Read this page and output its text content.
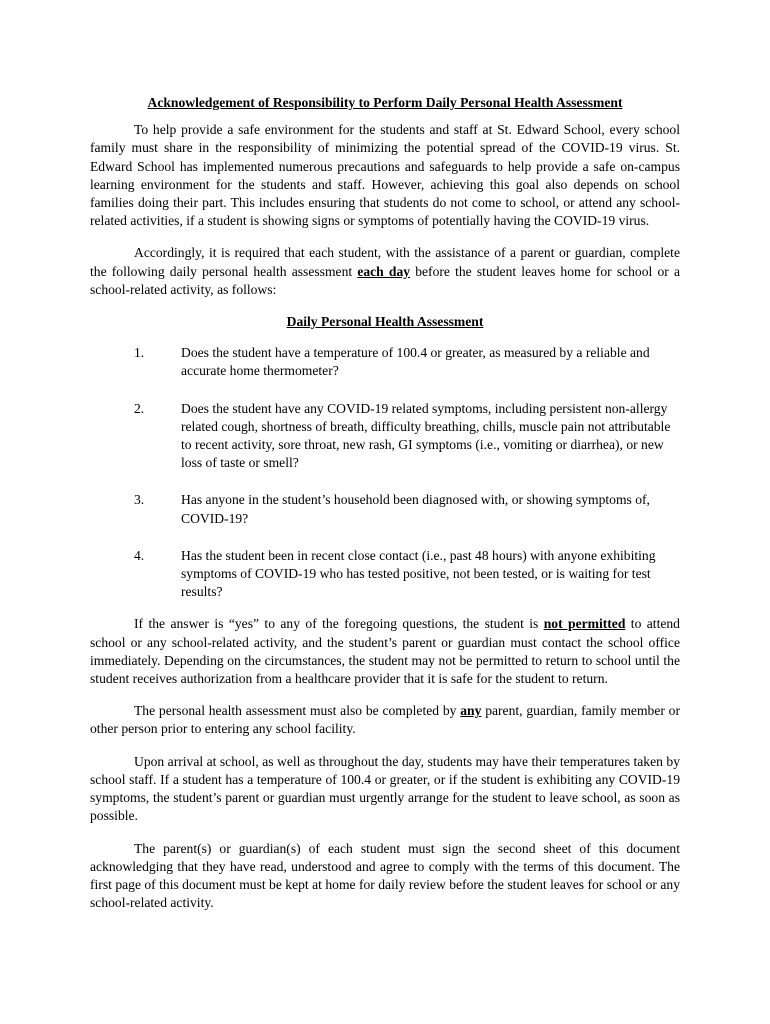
Acknowledgement of Responsibility to Perform Daily Personal Health Assessment

To help provide a safe environment for the students and staff at St. Edward School, every school family must share in the responsibility of minimizing the potential spread of the COVID-19 virus. St. Edward School has implemented numerous precautions and safeguards to help provide a safe on-campus learning environment for the students and staff. However, achieving this goal also depends on school families doing their part. This includes ensuring that students do not come to school, or attend any school-related activities, if a student is showing signs or symptoms of potentially having the COVID-19 virus.

Accordingly, it is required that each student, with the assistance of a parent or guardian, complete the following daily personal health assessment each day before the student leaves home for school or a school-related activity, as follows:

Daily Personal Health Assessment
1.	Does the student have a temperature of 100.4 or greater, as measured by a reliable and accurate home thermometer?
2.	Does the student have any COVID-19 related symptoms, including persistent non-allergy related cough, shortness of breath, difficulty breathing, chills, muscle pain not attributable to recent activity, sore throat, new rash, GI symptoms (i.e., vomiting or diarrhea), or new loss of taste or smell?
3.	Has anyone in the student’s household been diagnosed with, or showing symptoms of, COVID-19?
4.	Has the student been in recent close contact (i.e., past 48 hours) with anyone exhibiting symptoms of COVID-19 who has tested positive, not been tested, or is waiting for test results?

If the answer is “yes” to any of the foregoing questions, the student is not permitted to attend school or any school-related activity, and the student’s parent or guardian must contact the school office immediately. Depending on the circumstances, the student may not be permitted to return to school until the student receives authorization from a healthcare provider that it is safe for the student to return.

The personal health assessment must also be completed by any parent, guardian, family member or other person prior to entering any school facility.

Upon arrival at school, as well as throughout the day, students may have their temperatures taken by school staff. If a student has a temperature of 100.4 or greater, or if the student is exhibiting any COVID-19 symptoms, the student’s parent or guardian must urgently arrange for the student to leave school, as soon as possible.

The parent(s) or guardian(s) of each student must sign the second sheet of this document acknowledging that they have read, understood and agree to comply with the terms of this document. The first page of this document must be kept at home for daily review before the student leaves for school or any school-related activity.
